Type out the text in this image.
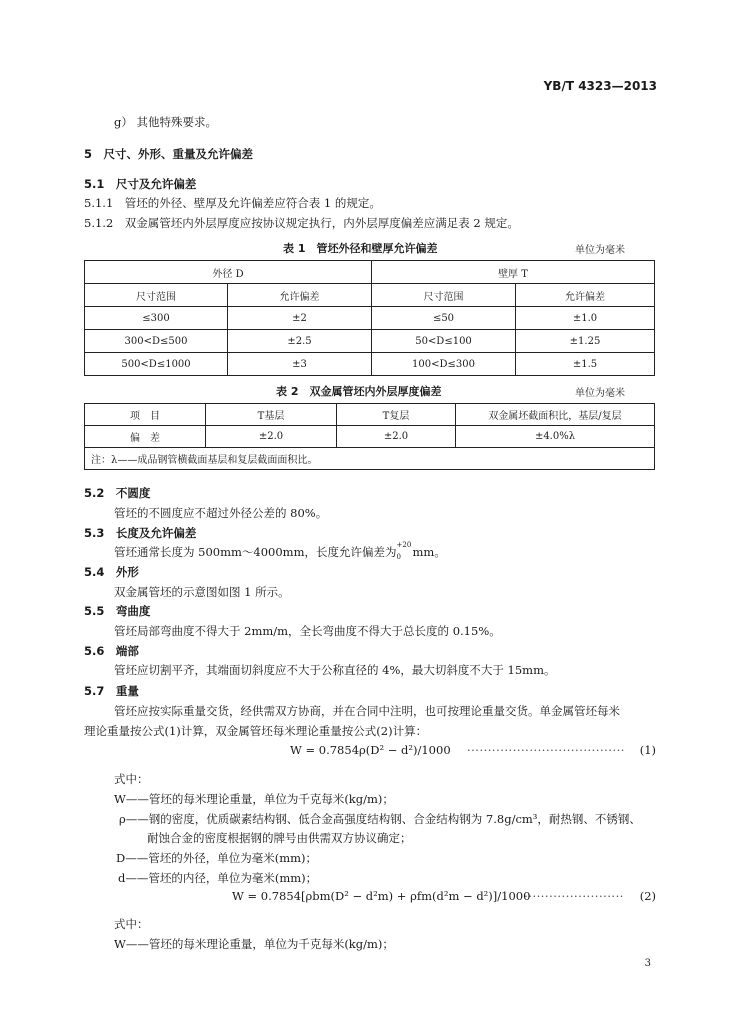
YB/T 4323—2013
g） 其他特殊要求。
5　尺寸、外形、重量及允许偏差
5.1　尺寸及允许偏差
5.1.1　管坯的外径、壁厚及允许偏差应符合表 1 的规定。
5.1.2　双金属管坯内外层厚度应按协议规定执行，内外层厚度偏差应满足表 2 规定。
表 1　管坯外径和壁厚允许偏差	单位为毫米
外径 D		壁厚 T	
尺寸范围	允许偏差	尺寸范围	允许偏差
≤300	±2	≤50	±1.0
300<D≤500	±2.5	50<D≤100	±1.25
500<D≤1000	±3	100<D≤300	±1.5
表 2　双金属管坯内外层厚度偏差	单位为毫米
项　目	T基层	T复层	双金属坯截面积比，基层/复层
偏　差	±2.0	±2.0	±4.0%λ
注：λ——成品钢管横截面基层和复层截面面积比。			
5.2　不圆度
管坯的不圆度应不超过外径公差的 80%。
5.3　长度及允许偏差
管坯通常长度为 500mm～4000mm，长度允许偏差为 +20
0 mm。
5.4　外形
双金属管坯的示意图如图 1 所示。
5.5　弯曲度
管坯局部弯曲度不得大于 2mm/m，全长弯曲度不得大于总长度的 0.15%。
5.6　端部
管坯应切割平齐，其端面切斜度应不大于公称直径的 4%，最大切斜度不大于 15mm。
5.7　重量
管坯应按实际重量交货，经供需双方协商，并在合同中注明，也可按理论重量交货。单金属管坯每米
理论重量按公式(1)计算，双金属管坯每米理论重量按公式(2)计算：
W = 0.7854ρ(D² − d²)/1000 ······································ (1)
式中：
W——管坯的每米理论重量，单位为千克每米(kg/m)；
ρ——钢的密度，优质碳素结构钢、低合金高强度结构钢、合金结构钢为 7.8g/cm³，耐热钢、不锈钢、
耐蚀合金的密度根据钢的牌号由供需双方协议确定；
D——管坯的外径，单位为毫米(mm)；
d——管坯的内径，单位为毫米(mm)；
W = 0.7854[ρbm(D² − d²m) + ρfm(d²m − d²)]/1000
························· (2)
式中：
W——管坯的每米理论重量，单位为千克每米(kg/m)；
3
